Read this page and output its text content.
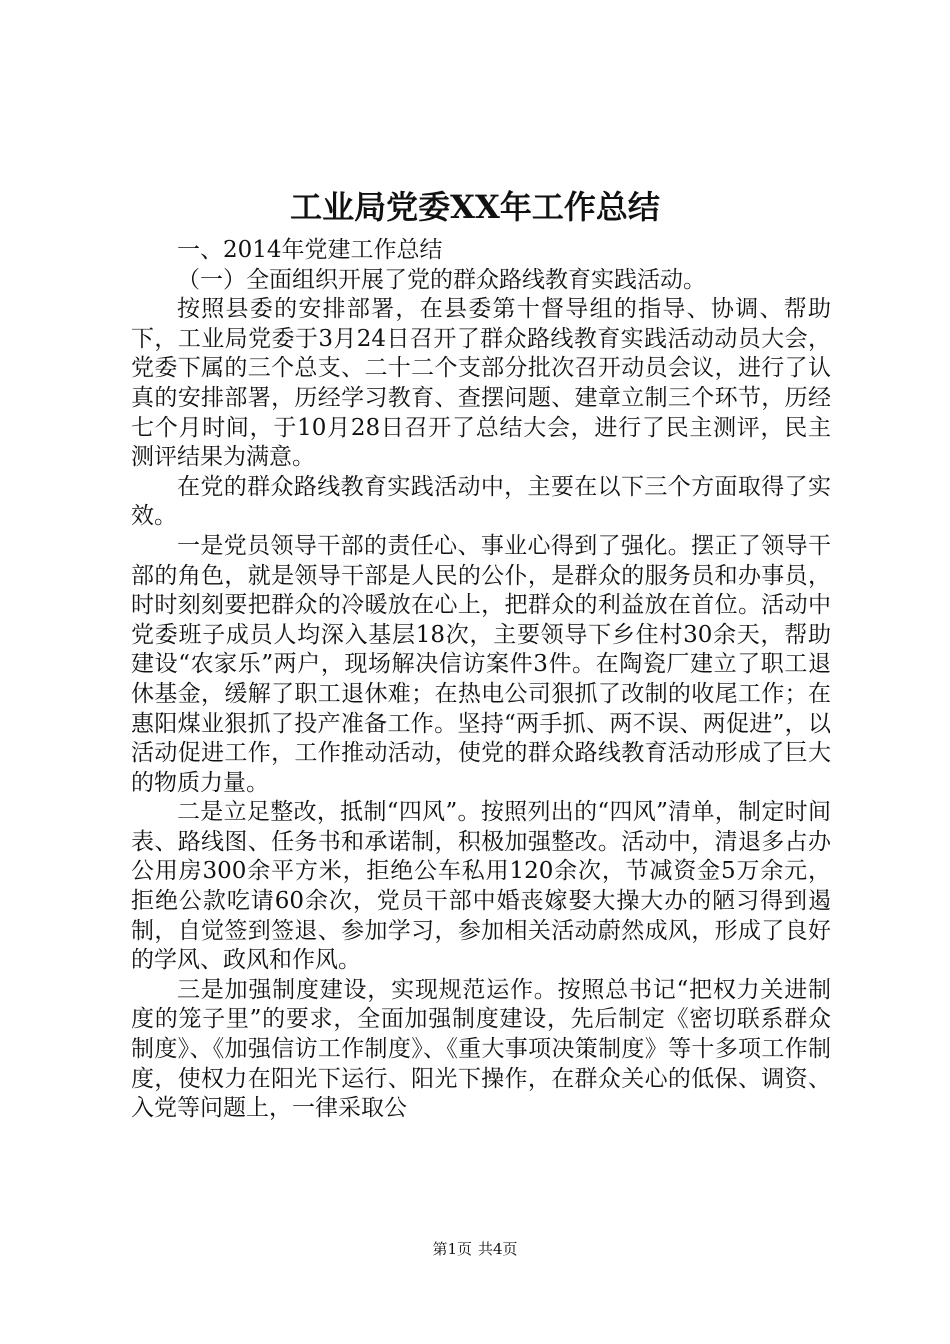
工业局党委XX年工作总结

一、2014年党建工作总结

（一）全面组织开展了党的群众路线教育实践活动。

按照县委的安排部署，在县委第十督导组的指导、协调、帮助下，工业局党委于3月24日召开了群众路线教育实践活动动员大会，党委下属的三个总支、二十二个支部分批次召开动员会议，进行了认真的安排部署，历经学习教育、查摆问题、建章立制三个环节，历经七个月时间，于10月28日召开了总结大会，进行了民主测评，民主测评结果为满意。

在党的群众路线教育实践活动中，主要在以下三个方面取得了实效。

一是党员领导干部的责任心、事业心得到了强化。摆正了领导干部的角色，就是领导干部是人民的公仆，是群众的服务员和办事员，时时刻刻要把群众的冷暖放在心上，把群众的利益放在首位。活动中党委班子成员人均深入基层18次，主要领导下乡住村30余天，帮助建设“农家乐”两户，现场解决信访案件3件。在陶瓷厂建立了职工退休基金，缓解了职工退休难；在热电公司狠抓了改制的收尾工作；在惠阳煤业狠抓了投产准备工作。坚持“两手抓、两不误、两促进”，以活动促进工作，工作推动活动，使党的群众路线教育活动形成了巨大的物质力量。

二是立足整改，抵制“四风”。按照列出的“四风”清单，制定时间表、路线图、任务书和承诺制，积极加强整改。活动中，清退多占办公用房300余平方米，拒绝公车私用120余次，节减资金5万余元，拒绝公款吃请60余次，党员干部中婚丧嫁娶大操大办的陋习得到遏制，自觉签到签退、参加学习，参加相关活动蔚然成风，形成了良好的学风、政风和作风。

三是加强制度建设，实现规范运作。按照总书记“把权力关进制度的笼子里”的要求，全面加强制度建设，先后制定《密切联系群众制度》、《加强信访工作制度》、《重大事项决策制度》等十多项工作制度，使权力在阳光下运行、阳光下操作，在群众关心的低保、调资、入党等问题上，一律采取公

第1页 共4页
